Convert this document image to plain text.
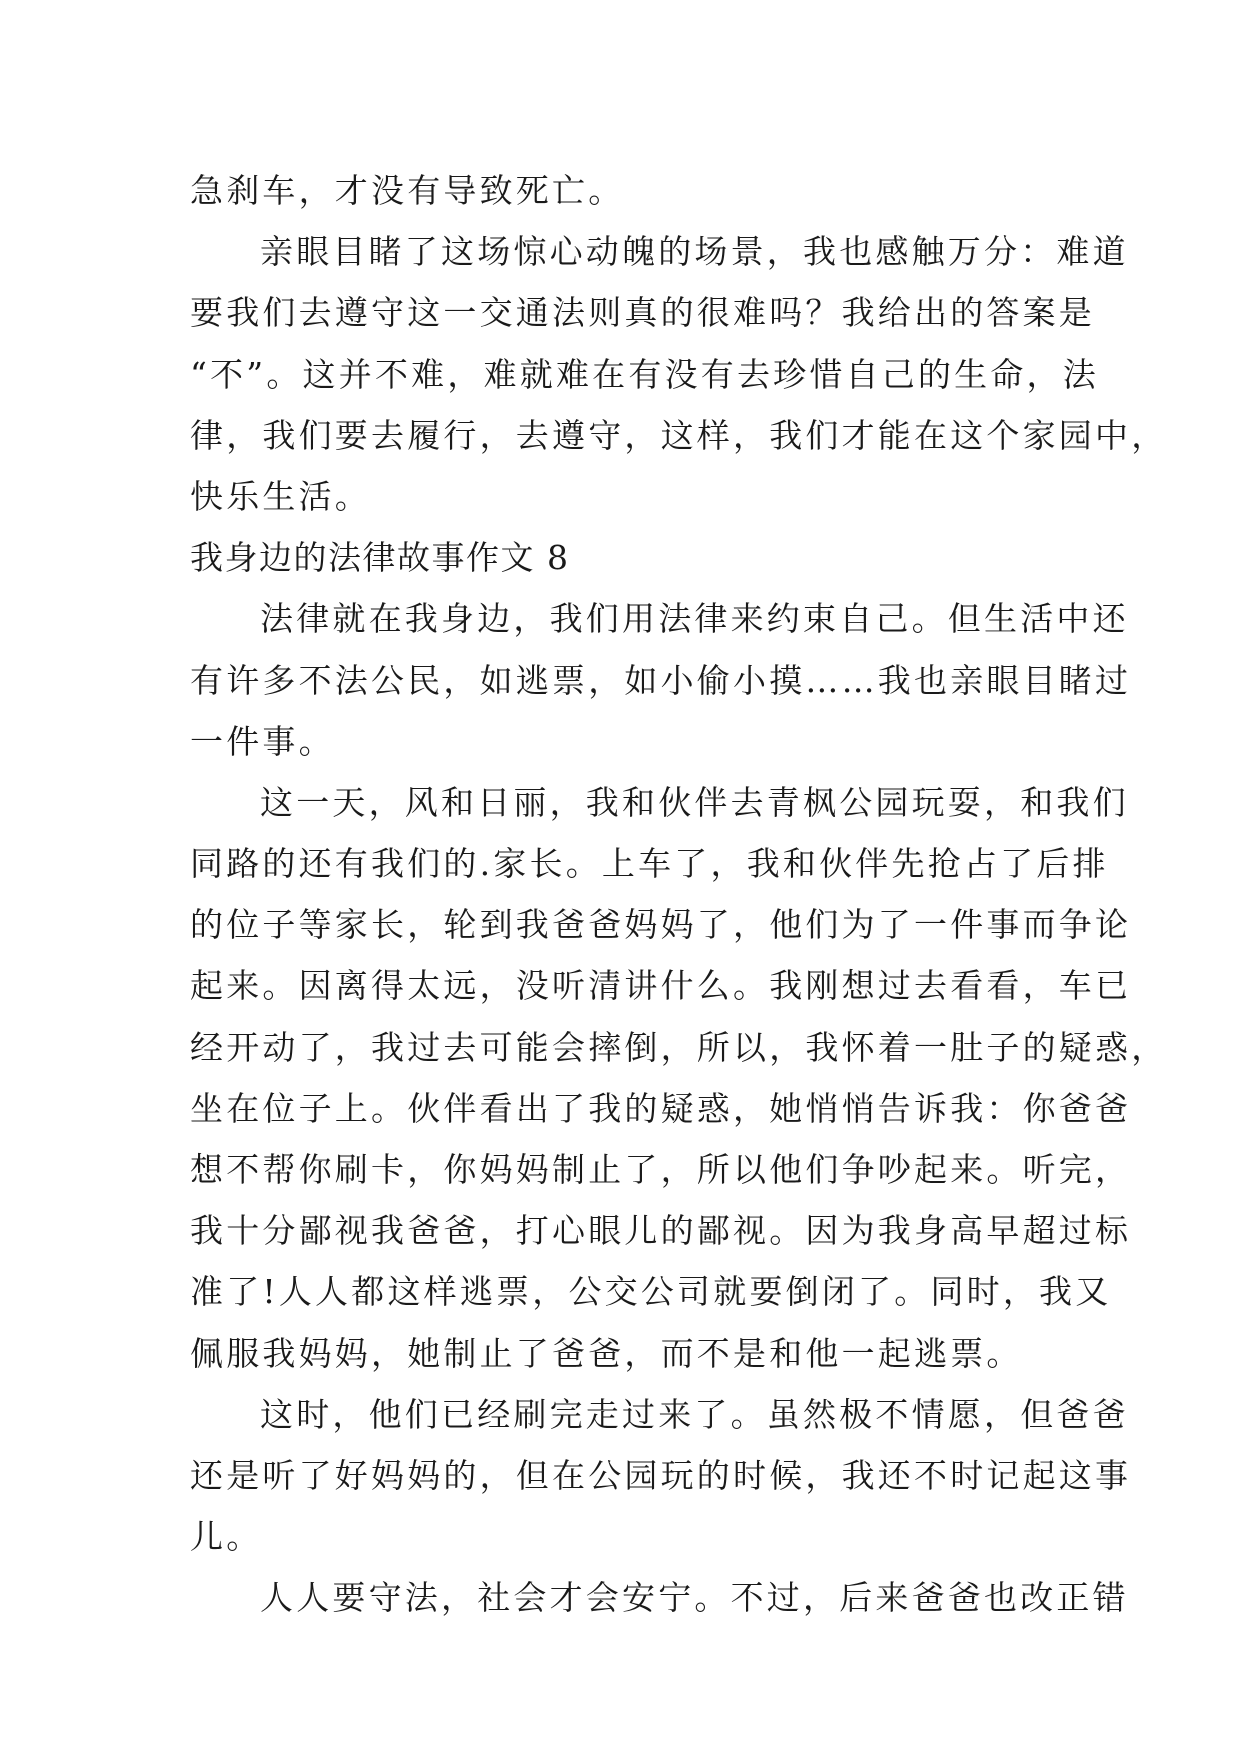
急刹车，才没有导致死亡。
亲眼目睹了这场惊心动魄的场景，我也感触万分：难道
要我们去遵守这一交通法则真的很难吗？我给出的答案是
“不”。这并不难，难就难在有没有去珍惜自己的生命，法
律，我们要去履行，去遵守，这样，我们才能在这个家园中，
快乐生活。
我身边的法律故事作文 8
法律就在我身边，我们用法律来约束自己。但生活中还
有许多不法公民，如逃票，如小偷小摸……我也亲眼目睹过
一件事。
这一天，风和日丽，我和伙伴去青枫公园玩耍，和我们
同路的还有我们的.家长。上车了，我和伙伴先抢占了后排
的位子等家长，轮到我爸爸妈妈了，他们为了一件事而争论
起来。因离得太远，没听清讲什么。我刚想过去看看，车已
经开动了，我过去可能会摔倒，所以，我怀着一肚子的疑惑，
坐在位子上。伙伴看出了我的疑惑，她悄悄告诉我：你爸爸
想不帮你刷卡，你妈妈制止了，所以他们争吵起来。听完，
我十分鄙视我爸爸，打心眼儿的鄙视。因为我身高早超过标
准了!人人都这样逃票，公交公司就要倒闭了。同时，我又
佩服我妈妈，她制止了爸爸，而不是和他一起逃票。
这时，他们已经刷完走过来了。虽然极不情愿，但爸爸
还是听了好妈妈的，但在公园玩的时候，我还不时记起这事
儿。
人人要守法，社会才会安宁。不过，后来爸爸也改正错
